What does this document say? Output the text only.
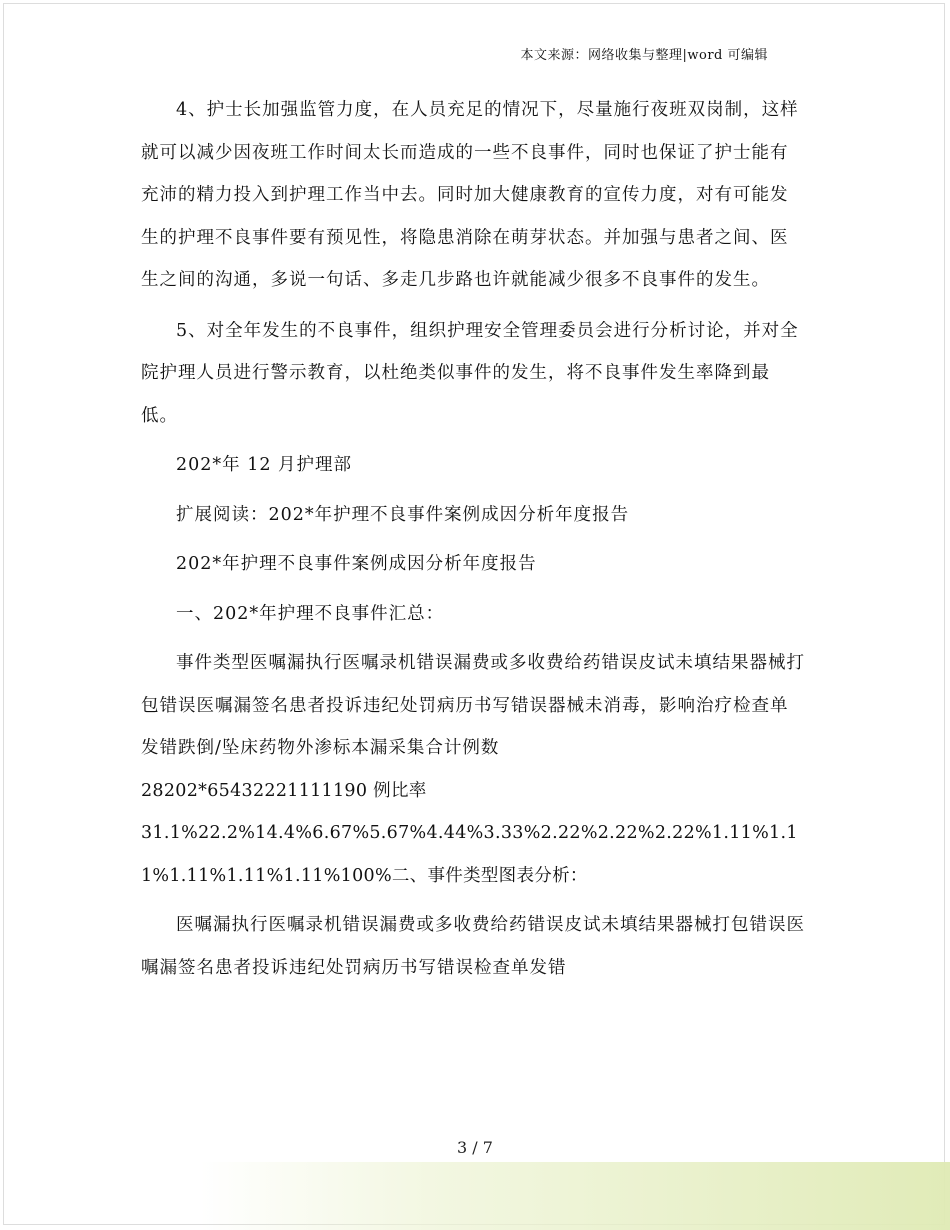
本文来源：网络收集与整理|word 可编辑

4、护士长加强监管力度，在人员充足的情况下，尽量施行夜班双岗制，这样就可以减少因夜班工作时间太长而造成的一些不良事件，同时也保证了护士能有充沛的精力投入到护理工作当中去。同时加大健康教育的宣传力度，对有可能发生的护理不良事件要有预见性，将隐患消除在萌芽状态。并加强与患者之间、医生之间的沟通，多说一句话、多走几步路也许就能减少很多不良事件的发生。

5、对全年发生的不良事件，组织护理安全管理委员会进行分析讨论，并对全院护理人员进行警示教育，以杜绝类似事件的发生，将不良事件发生率降到最低。

202*年 12 月护理部

扩展阅读：202*年护理不良事件案例成因分析年度报告

202*年护理不良事件案例成因分析年度报告

一、202*年护理不良事件汇总：

事件类型医嘱漏执行医嘱录机错误漏费或多收费给药错误皮试未填结果器械打包错误医嘱漏签名患者投诉违纪处罚病历书写错误器械未消毒，影响治疗检查单发错跌倒/坠床药物外渗标本漏采集合计例数

28202*65432221111190 例比率

31.1%22.2%14.4%6.67%5.67%4.44%3.33%2.22%2.22%2.22%1.11%1.11%1.11%1.11%1.11%100%二、事件类型图表分析：

医嘱漏执行医嘱录机错误漏费或多收费给药错误皮试未填结果器械打包错误医嘱漏签名患者投诉违纪处罚病历书写错误检查单发错

3 / 7
